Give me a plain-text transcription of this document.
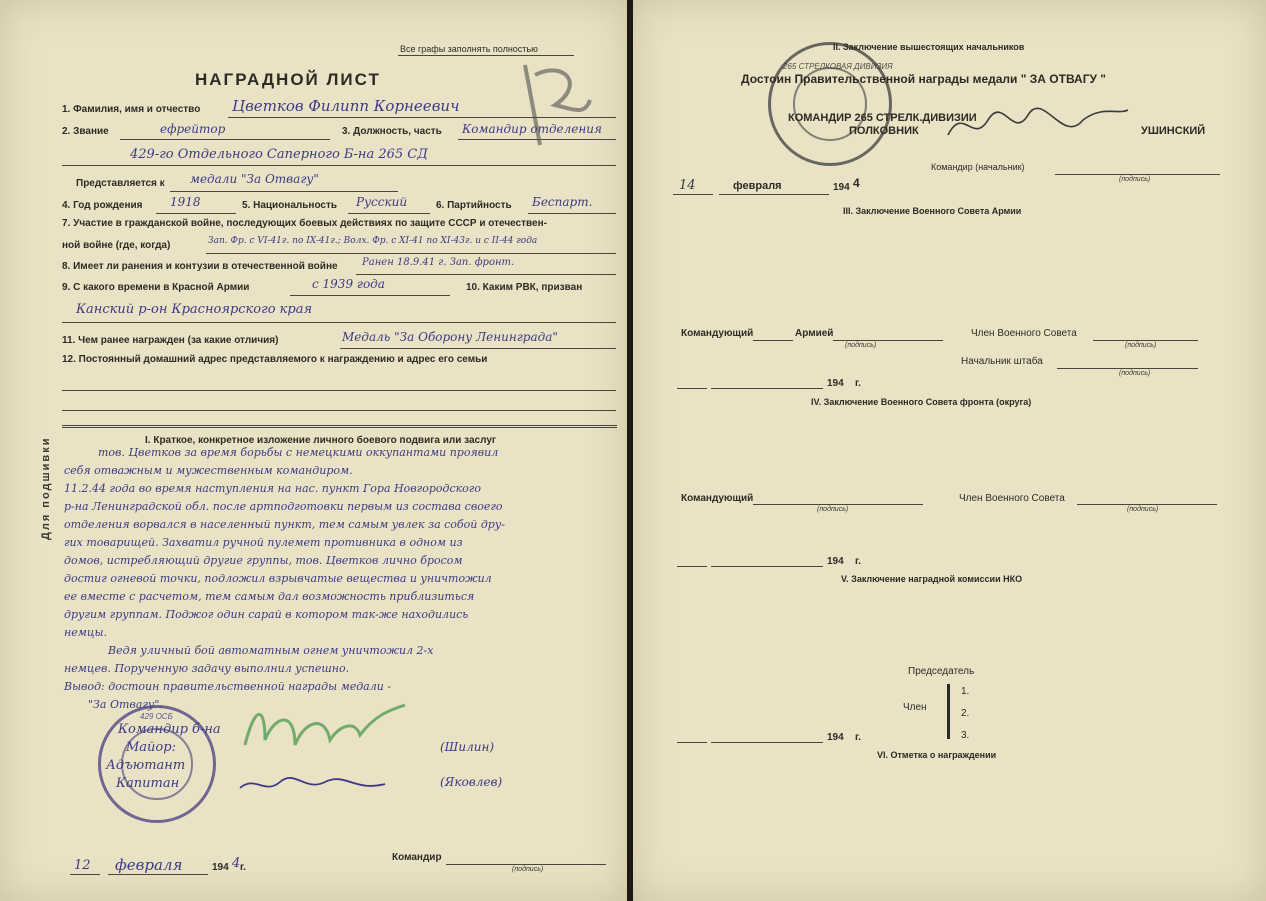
Все графы заполнять полностью
НАГРАДНОЙ ЛИСТ
1. Фамилия, имя и отчество Цветков Филипп Корнеевич
2. Звание	ефрейтор	3. Должность, часть Командир отделения
429-го Отдельного Саперного Б-на 265 СД
Представляется к медали "За Отвагу"
4. Год рождения 1918	5. Национальность Русский	6. Партийность Беспарт.
7. Участие в гражданской войне, последующих боевых действиях по защите СССР и отечествен-
ной войне (где, когда)	Зап. Фр. с VI-41г. по IX-41г.; Волх. Фр. с XI-41 по XI-43г. и с II-44 года
8. Имеет ли ранения и контузии в отечественной войне Ранен 18.9.41 г. Зап. фронт.
9. С какого времени в Красной Армии	с 1939 года	10. Каким РВК, призван
Канский р-он Красноярского края
11. Чем ранее награжден (за какие отличия)	Медаль "За Оборону Ленинграда"
12. Постоянный домашний адрес представляемого к награждению и адрес его семьи
Для подшивки	I. Краткое, конкретное изложение личного боевого подвига или заслуг
тов. Цветков за время борьбы с немецкими оккупантами проявил
себя отважным и мужественным командиром.
11.2.44 года во время наступления на нас. пункт Гора Новгородского
р-на Ленинградской обл. после артподготовки первым из состава своего
отделения ворвался в населенный пункт, тем самым увлек за собой дру-
гих товарищей. Захватил ручной пулемет противника в одном из
домов, истребляющий другие группы, тов. Цветков лично бросом
достиг огневой точки, подложил взрывчатые вещества и уничтожил
ее вместе с расчетом, тем самым дал возможность приблизиться
другим группам. Поджог один сарай в котором так-же находились
немцы.
Ведя уличный бой автоматным огнем уничтожил 2-х
немцев. Порученную задачу выполнил успешно.
Вывод: достоин правительственной награды медали -
"За Отвагу".
429 ОСБ
Командир б-на
Майор:
Адъютант
Капитан
(Шилин)
(Яковлев)
12 февраля	194 4 г.
Командир
(подпись)
265 СТРЕЛКОВАЯ ДИВИЗИЯ
II. Заключение вышестоящих начальников
Достоин Правительственной награды медали " ЗА ОТВАГУ "
КОМАНДИР 265 СТРЕЛК.ДИВИЗИИ
ПОЛКОВНИК	УШИНСКИЙ
Командир (начальник)
(подпись)
14	февраля	194 4
III. Заключение Военного Совета Армии
Командующий	Армией
(подпись)
Член Военного Совета
(подпись)
Начальник штаба
(подпись)
194 г.
IV. Заключение Военного Совета фронта (округа)
Командующий
(подпись)
Член Военного Совета
(подпись)
194 г.
V. Заключение наградной комиссии НКО
Председатель
Член
1.
2.
3.
194 г.
VI. Отметка о награждении
